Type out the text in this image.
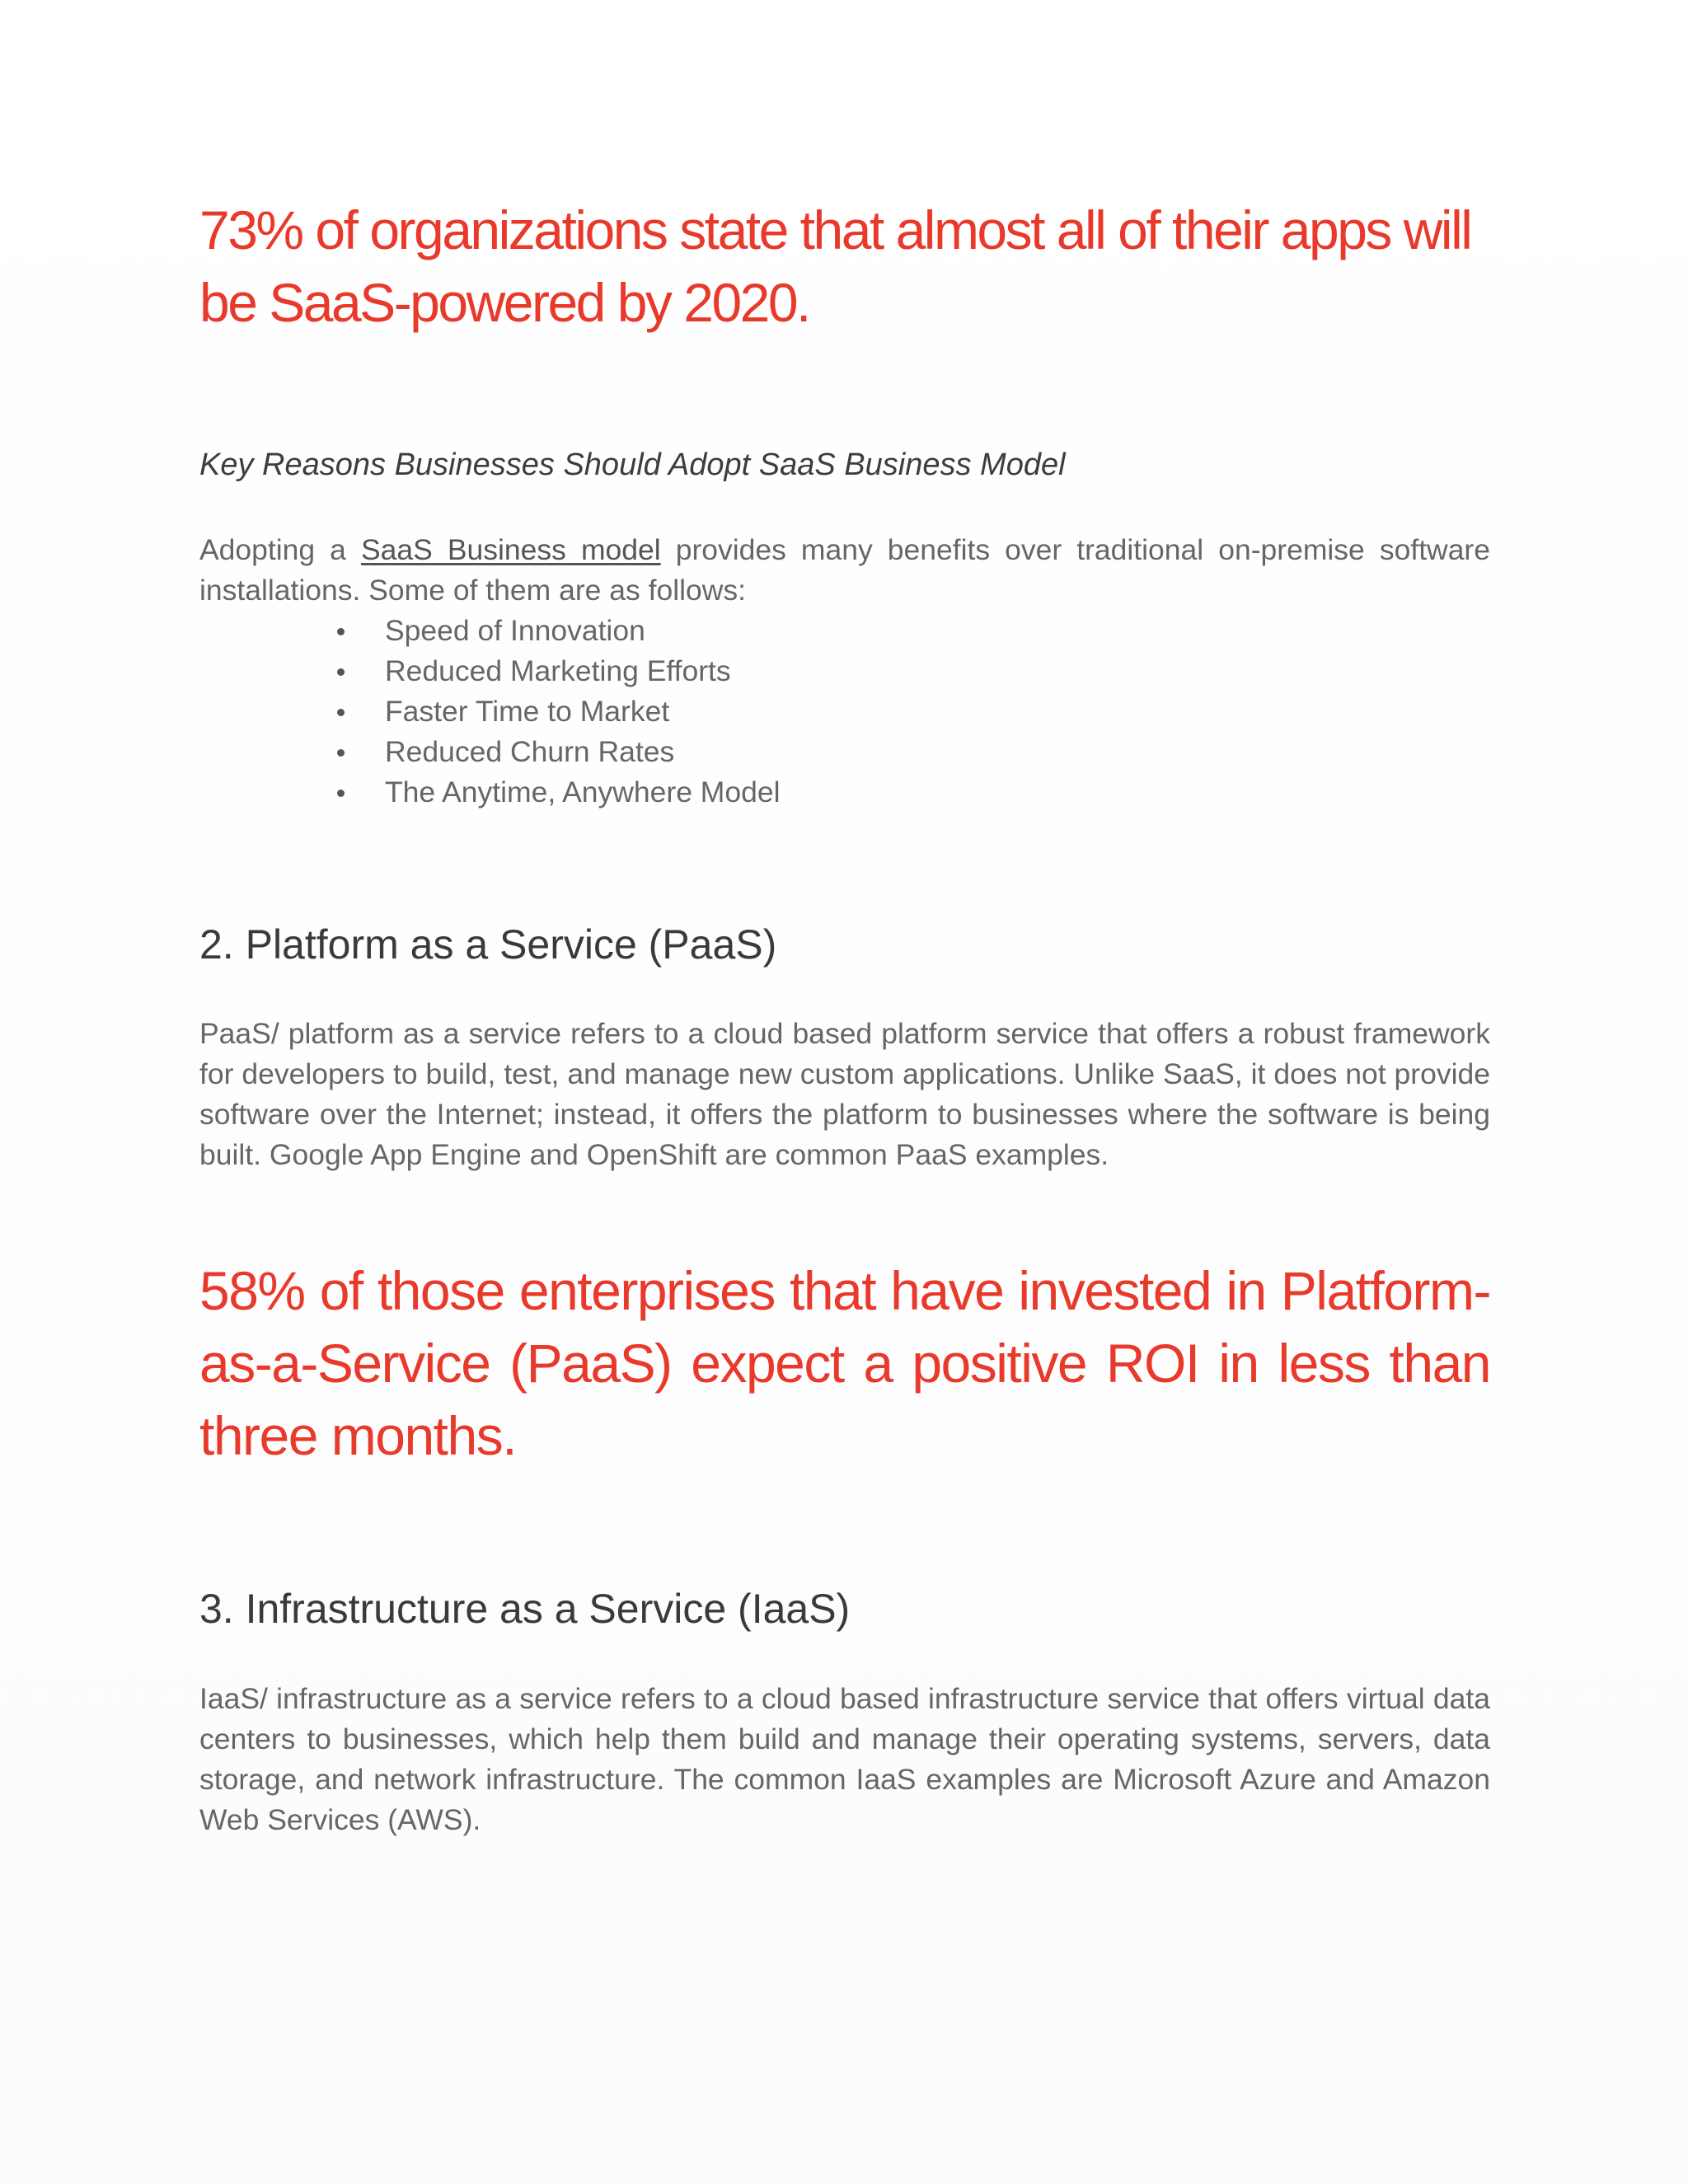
73% of organizations state that almost all of their apps will be SaaS-powered by 2020.
Key Reasons Businesses Should Adopt SaaS Business Model

Adopting a SaaS Business model provides many benefits over traditional on-premise software installations. Some of them are as follows:

Speed of Innovation
Reduced Marketing Efforts
Faster Time to Market
Reduced Churn Rates
The Anytime, Anywhere Model
2. Platform as a Service (PaaS)

PaaS/ platform as a service refers to a cloud based platform service that offers a robust framework for developers to build, test, and manage new custom applications. Unlike SaaS, it does not provide software over the Internet; instead, it offers the platform to businesses where the software is being built. Google App Engine and OpenShift are common PaaS examples.

58% of those enterprises that have invested in Platform-as-a-Service (PaaS) expect a positive ROI in less than three months.
3. Infrastructure as a Service (IaaS)

IaaS/ infrastructure as a service refers to a cloud based infrastructure service that offers virtual data centers to businesses, which help them build and manage their operating systems, servers, data storage, and network infrastructure. The common IaaS examples are Microsoft Azure and Amazon Web Services (AWS).
